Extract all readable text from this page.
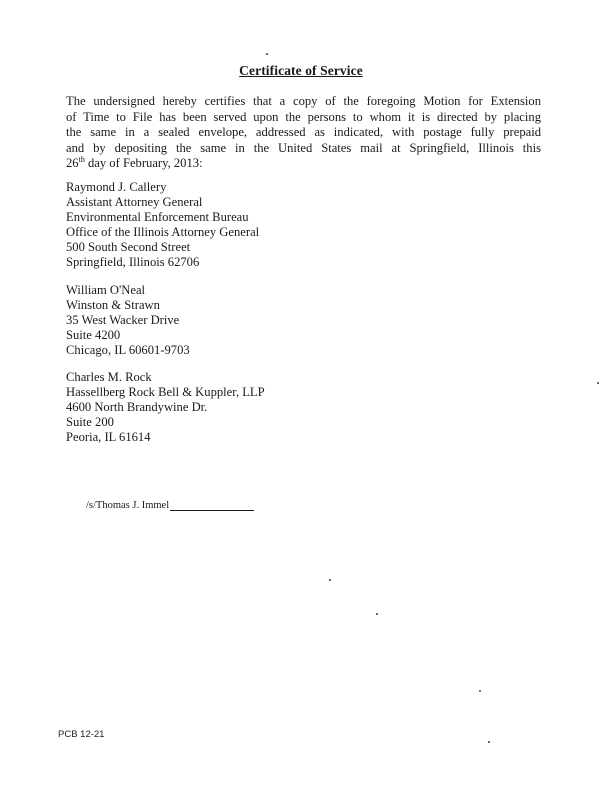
Certificate of Service
The undersigned hereby certifies that a copy of the foregoing Motion for Extension
of Time to File has been served upon the persons to whom it is directed by placing
the same in a sealed envelope, addressed as indicated, with postage fully prepaid
and by depositing the same in the United States mail at Springfield, Illinois this
26th day of February, 2013:
Raymond J. Callery
Assistant Attorney General
Environmental Enforcement Bureau
Office of the Illinois Attorney General
500 South Second Street
Springfield, Illinois 62706
William O'Neal
Winston & Strawn
35 West Wacker Drive
Suite 4200
Chicago, IL 60601-9703
Charles M. Rock
Hassellberg Rock Bell & Kuppler, LLP
4600 North Brandywine Dr.
Suite 200
Peoria, IL 61614
/s/Thomas J. Immel
PCB 12-21
